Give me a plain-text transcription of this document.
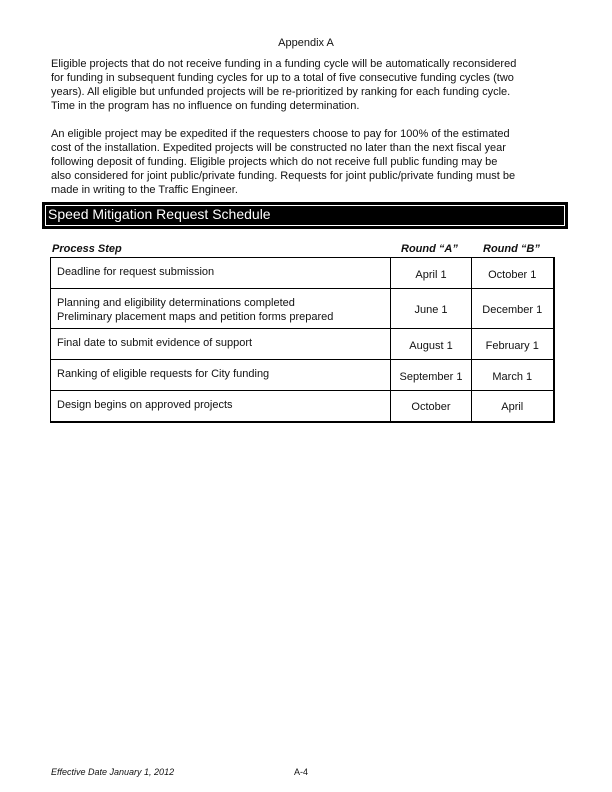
Appendix A

Eligible projects that do not receive funding in a funding cycle will be automatically reconsidered
for funding in subsequent funding cycles for up to a total of five consecutive funding cycles (two
years). All eligible but unfunded projects will be re-prioritized by ranking for each funding cycle.
Time in the program has no influence on funding determination.

An eligible project may be expedited if the requesters choose to pay for 100% of the estimated
cost of the installation. Expedited projects will be constructed no later than the next fiscal year
following deposit of funding. Eligible projects which do not receive full public funding may be
also considered for joint public/private funding. Requests for joint public/private funding must be
made in writing to the Traffic Engineer.

Speed Mitigation Request Schedule
Process Step	Round “A” Round “B”
Deadline for request submission	April 1	October 1

Planning and eligibility determinations completed
Preliminary placement maps and petition forms prepared	June 1	December 1

Final date to submit evidence of support	August 1	February 1

Ranking of eligible requests for City funding	September 1	March 1

Design begins on approved projects	October	April
Effective Date January 1, 2012	A-4
